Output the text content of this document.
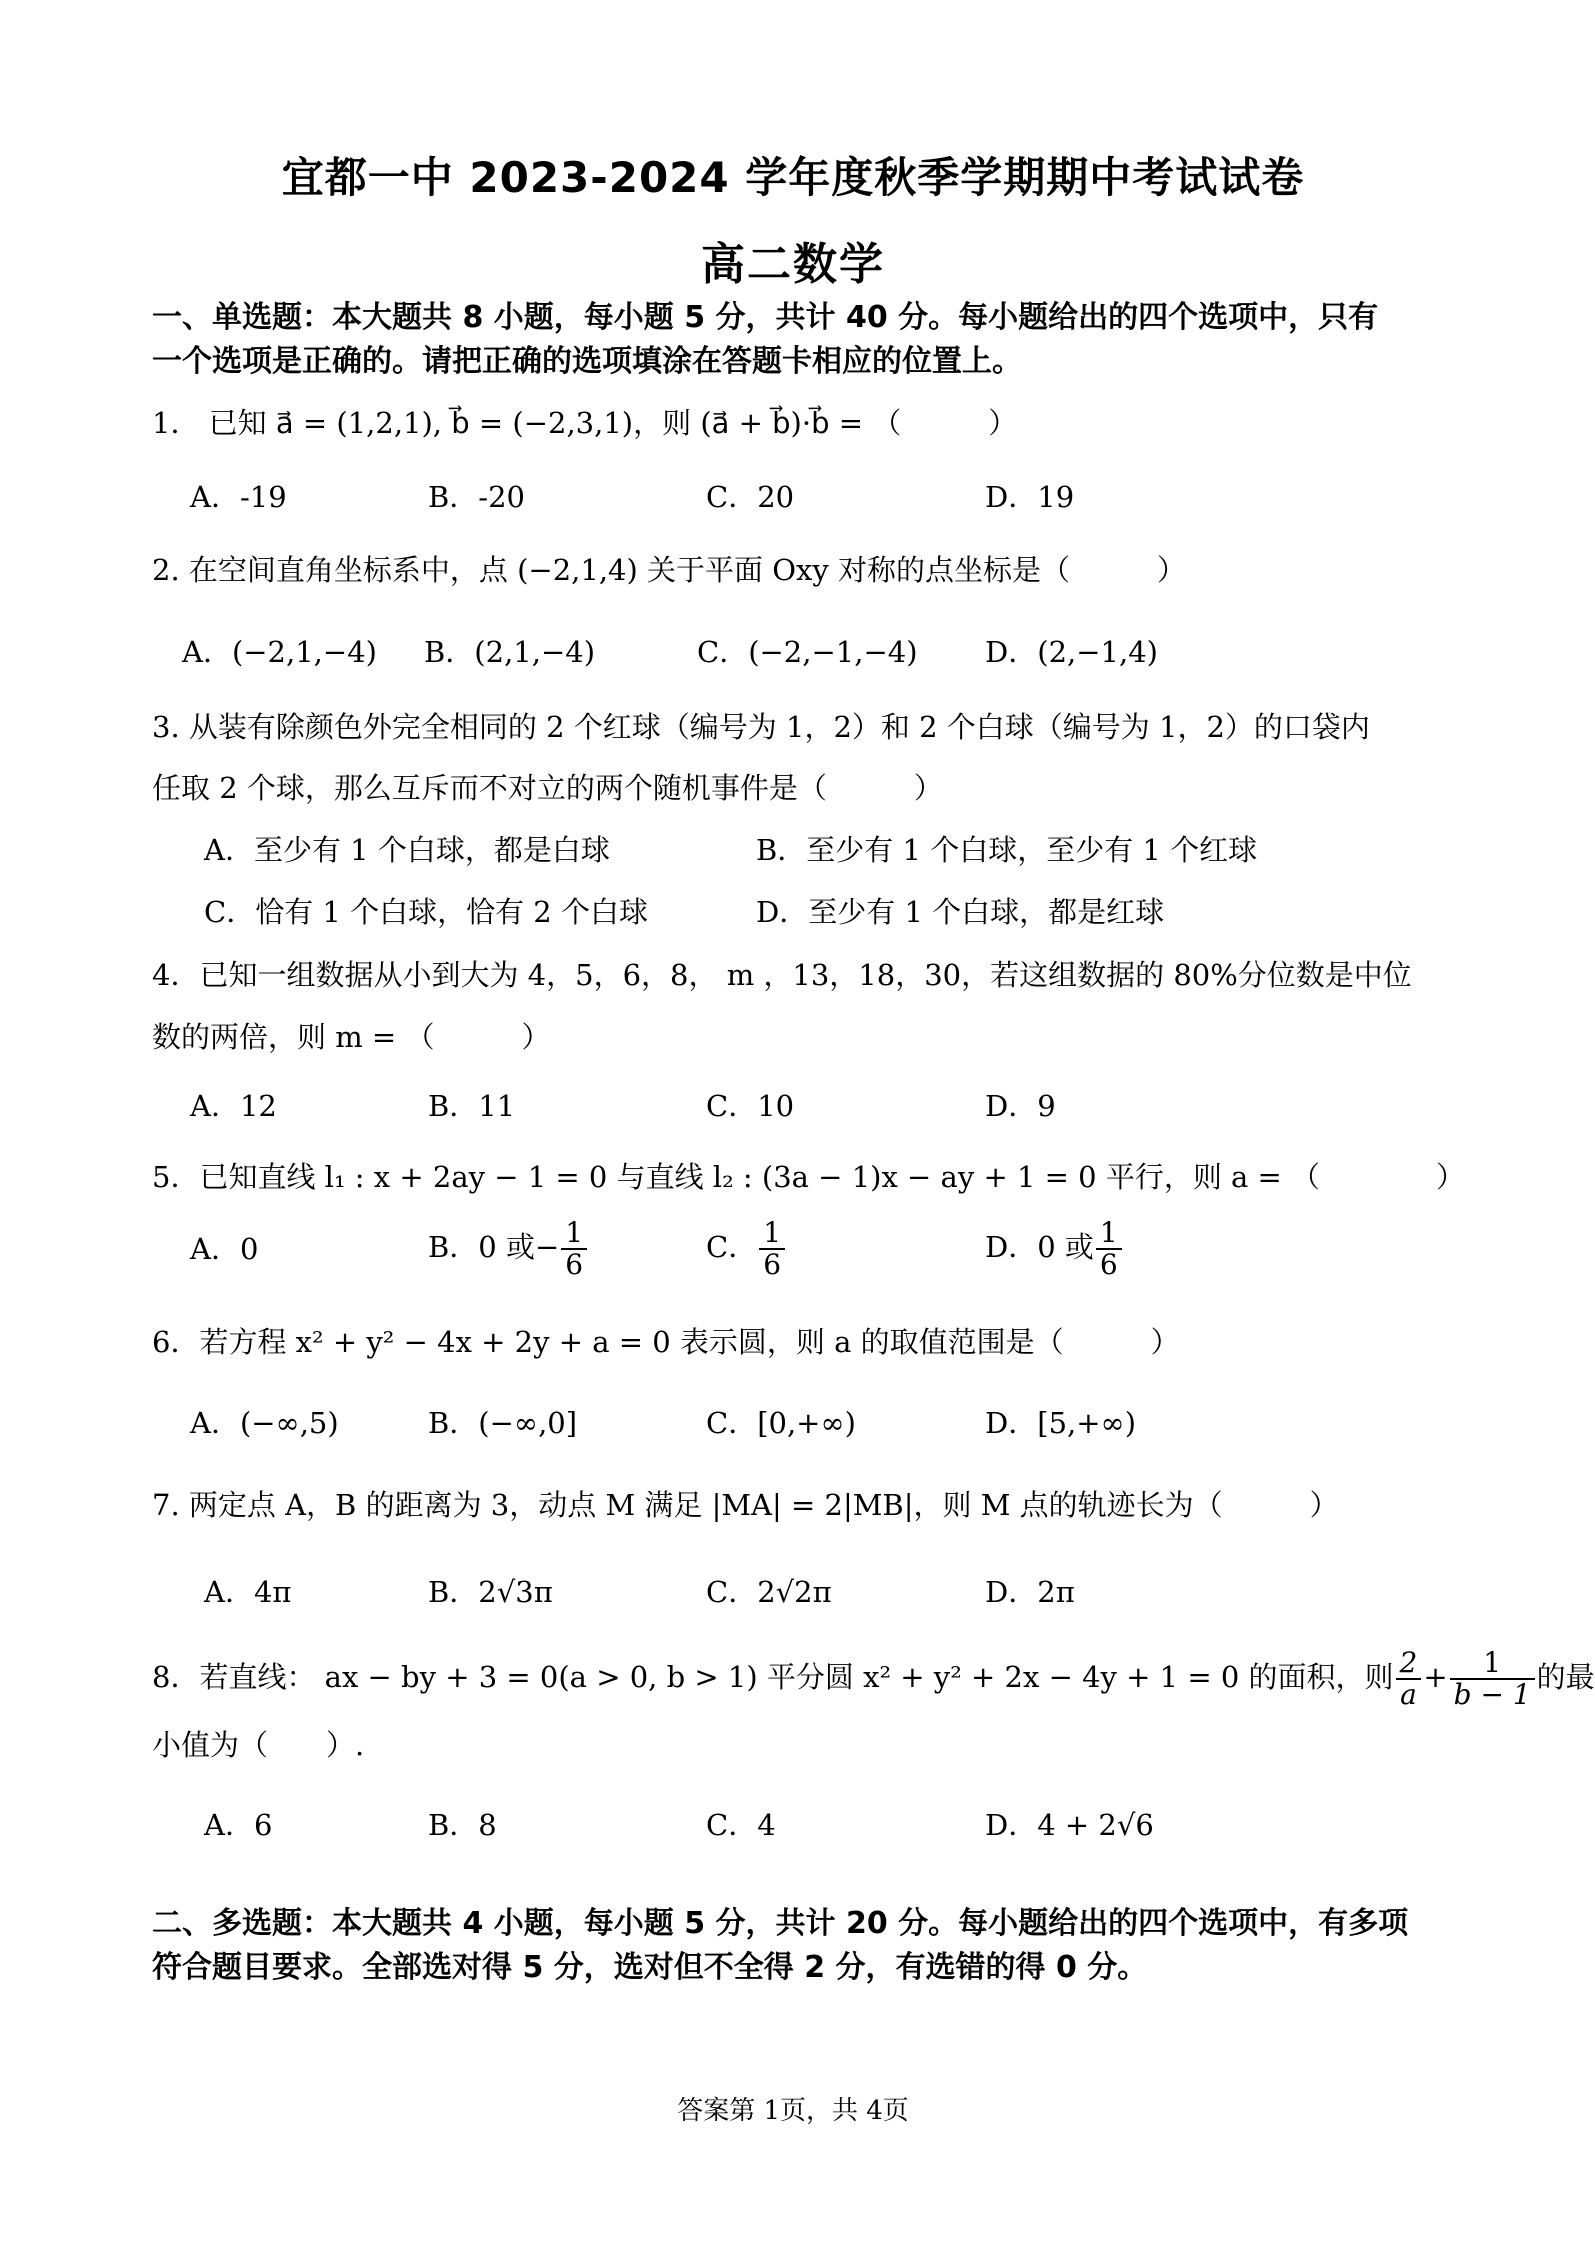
宜都一中 2023-2024 学年度秋季学期期中考试试卷
高二数学
一、单选题：本大题共 8 小题，每小题 5 分，共计 40 分。每小题给出的四个选项中，只有
一个选项是正确的。请把正确的选项填涂在答题卡相应的位置上。
1． 已知 a⃗ = (1,2,1), b⃗ = (−2,3,1)，则 (a⃗ + b⃗)·b⃗ = （　　　）
A．-19	B．-20	C．20	D．19
2. 在空间直角坐标系中，点 (−2,1,4) 关于平面 Oxy 对称的点坐标是（　　　）
A．(−2,1,−4) B．(2,1,−4)	C．(−2,−1,−4) D．(2,−1,4)
3. 从装有除颜色外完全相同的 2 个红球（编号为 1，2）和 2 个白球（编号为 1，2）的口袋内
任取 2 个球，那么互斥而不对立的两个随机事件是（　　　）
A．至少有 1 个白球，都是白球	B．至少有 1 个白球，至少有 1 个红球
C．恰有 1 个白球，恰有 2 个白球	D．至少有 1 个白球，都是红球
4．已知一组数据从小到大为 4，5，6，8， m ，13，18，30，若这组数据的 80%分位数是中位
数的两倍，则 m = （　　　）
A．12	B．11	C．10	D．9
5．已知直线 l₁ : x + 2ay − 1 = 0 与直线 l₂ : (3a − 1)x − ay + 1 = 0 平行，则 a = （　　　　）
A．0	B．0 或− $\frac{1}{6}$	C． $\frac{1}{6}$	D．0 或 $\frac{1}{6}$
6．若方程 x² + y² − 4x + 2y + a = 0 表示圆，则 a 的取值范围是（　　　）
A．(−∞,5)	B．(−∞,0]	C．[0,+∞)	D．[5,+∞)
7. 两定点 A，B 的距离为 3，动点 M 满足 |MA| = 2|MB|，则 M 点的轨迹长为（　　　）
A．4π	B．2√3π	C．2√2π	D．2π
8．若直线： ax − by + 3 = 0(a > 0, b > 1) 平分圆 x² + y² + 2x − 4y + 1 = 0 的面积，则 $\frac{2}{a} + \frac{1}{b - 1}$ 的最
小值为（　　）.
A．6	B．8	C．4	D．4 + 2√6
二、多选题：本大题共 4 小题，每小题 5 分，共计 20 分。每小题给出的四个选项中，有多项
符合题目要求。全部选对得 5 分，选对但不全得 2 分，有选错的得 0 分。
答案第 1页，共 4页
